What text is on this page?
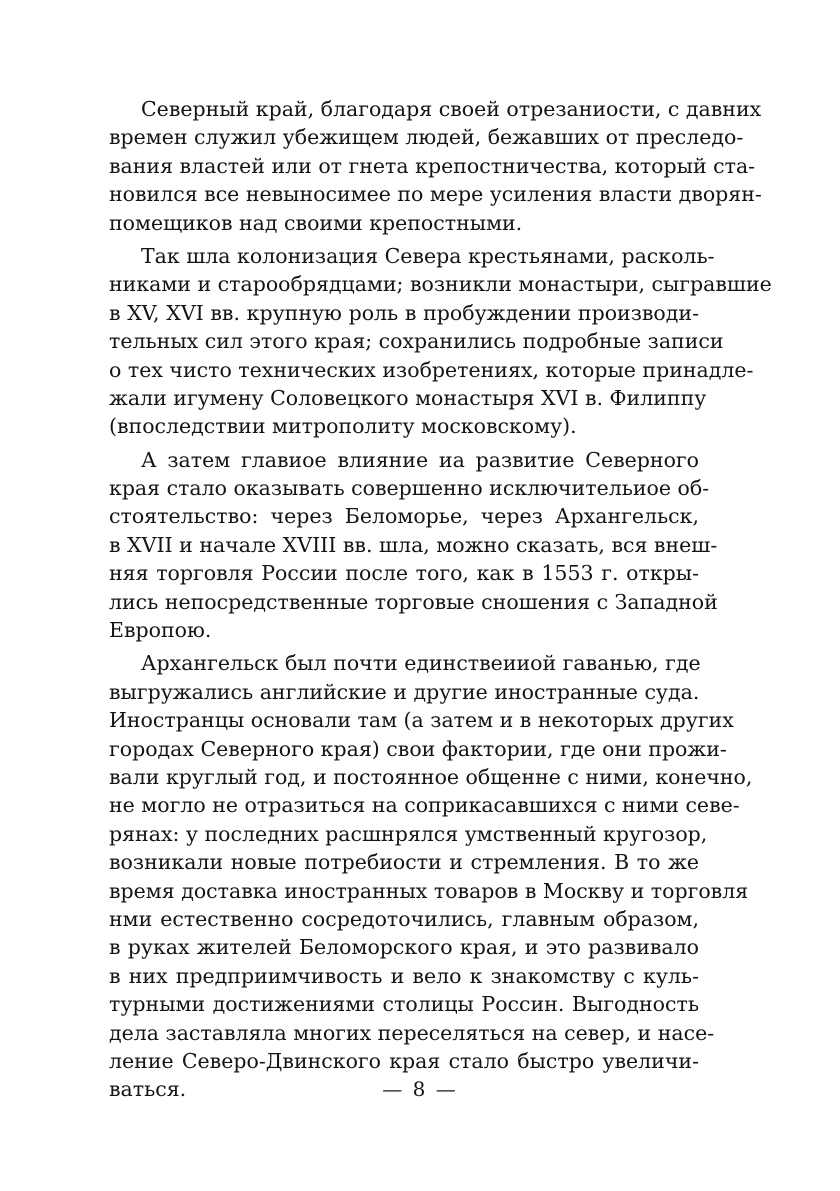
Северный край, благодаря своей отрезаниости, с давних
времен служил убежищем людей, бежавших от преследо-
вания властей или от гнета крепостничества, который ста-
новился все невыносимее по мере усиления власти дворян-
помещиков над своими крепостными.
Так шла колонизация Севера крестьянами, расколь-
никами и старообрядцами; возникли монастыри, сыгравшие
в XV, XVI вв. крупную роль в пробуждении производи-
тельных сил этого края; сохранились подробные записи
о тех чисто технических изобретениях, которые принадле-
жали игумену Соловецкого монастыря XVI в. Филиппу
(впоследствии митрополиту московскому).
А затем главиое влияние иа развитие Северного
края стало оказывать совершенно исключительиое об-
стоятельство: через Беломорье, через Архангельск,
в XVII и начале XVIII вв. шла, можно сказать, вся внеш-
няя торговля России после того, как в 1553 г. откры-
лись непосредственные торговые сношения с Западной
Европою.
Архангельск был почти единствеииой гаванью, где
выгружались английские и другие иностранные суда.
Иностранцы основали там (а затем и в некоторых других
городах Северного края) свои фактории, где они прожи-
вали круглый год, и постоянное общенне с ними, конечно,
не могло не отразиться на соприкасавшихся с ними севе-
рянах: у последних расшнрялся умственный кругозор,
возникали новые потребиости и стремления. В то же
время доставка иностранных товаров в Москву и торговля
нми естественно сосредоточились, главным образом,
в руках жителей Беломорского края, и это развивало
в них предприимчивость и вело к знакомству с куль-
турными достижениями столицы Россин. Выгодность
дела заставляла многих переселяться на север, и насе-
ление Северо-Двинского края стало быстро увеличи-
ваться.	— 8 —
